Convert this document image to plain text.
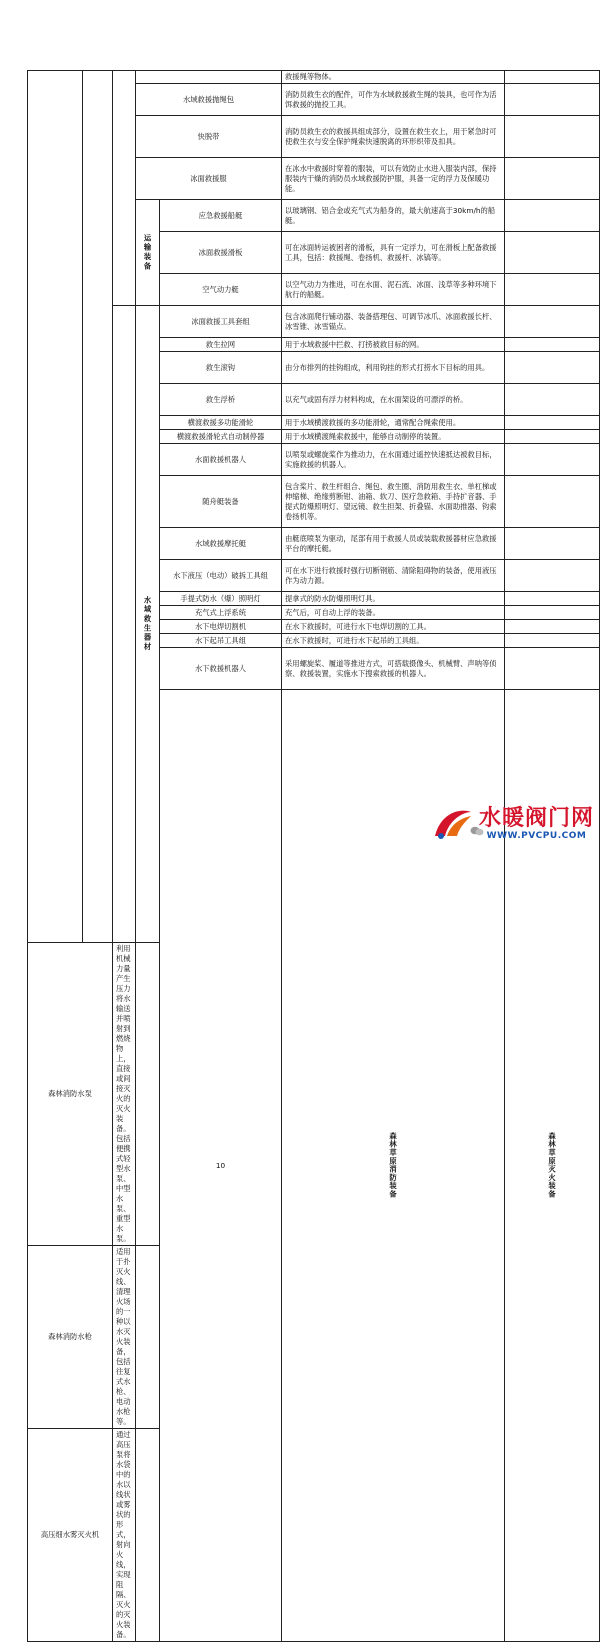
					救援绳等物体。		
			水域救援抛绳包		消防员救生衣的配件，可作为水域救援救生绳的装具，也可作为活饵救援的抛投工具。		
			快脱带		消防员救生衣的救援具组成部分，设置在救生衣上，用于紧急时可使救生衣与安全保护绳索快速脱离的环形织带及扣具。		
			冰面救援服		在冰水中救援时穿着的服装，可以有效防止水进入服装内部，保持服装内干燥的消防员水域救援防护服，具备一定的浮力及保暖功能。		
			运输装备	应急救援船艇	以玻璃钢、铝合金或充气式为船身的，最大航速高于30km/h的船艇。		
				冰面救援滑板	可在冰面转运被困者的滑板，具有一定浮力，可在滑板上配备救援工具，包括：救援绳、卷扬机、救援杆、冰镐等。		
				空气动力艇	以空气动力为推进，可在水面、泥石流、冰面、浅草等多种环境下航行的船艇。		
			水域救生器材	冰面救援工具套组	包含冰面爬行铺动器、装备搭理包、可调节冰爪、冰面救援长杆、冰雪锥、冰雪锚点。		
				救生拉网	用于水域救援中拦救、打捞被救目标的网。		
				救生滚钩	由分布排列的挂钩组成，利用钩挂的形式打捞水下目标的用具。		
				救生浮桥	以充气或固有浮力材料构成，在水面架设的可漂浮的桥。		
				横渡救援多功能滑轮	用于水域横渡救援的多功能滑轮，通常配合绳索使用。		
				横渡救援滑轮式自动制停器	用于水域横渡绳索救援中，能够自动制停的装置。		
				水面救援机器人	以喷泵或螺旋桨作为推动力，在水面通过遥控快速抵达被救目标，实施救援的机器人。		
				随舟艇装备	包含桨片、救生杆组合、绳包、救生圈、消防用救生衣、单杠梯或伸缩梯、绝缘剪断钳、油箱、软刀、医疗急救箱、手持扩音器、手提式防爆照明灯、望远镜、救生担架、折叠锚、水面助推器、钩索卷扬机等。		
				水域救援摩托艇	由艇底喷泵为驱动，尾部有用于救援人员或装载救援器材应急救援平台的摩托艇。		
				水下液压（电动）破拆工具组	可在水下进行救援时强行切断钢筋、清除阻碍物的装备，使用液压作为动力源。		
				手提式防水（爆）照明灯	提拿式的防水防爆照明灯具。		
				充气式上浮系统	充气后，可自动上浮的装备。		
				水下电焊切割机	在水下救援时，可进行水下电焊切割的工具。		
				水下起吊工具组	在水下救援时，可进行水下起吊的工具组。		
				水下救援机器人	采用螺旋桨、履道等推进方式，可搭载摄像头、机械臂、声呐等侦察、救援装置，实施水下搜索救援的机器人。		
				10	森林草原消防装备	森林草原灭火装备			
森林消防水泵		利用机械力量产生压力将水输送并喷射到燃烧物上，直接或间接灭火的灭火装备。包括便携式轻型水泵、中型水泵、重型水泵。					
森林消防水枪		适用于扑灭火线、清理火场的一种以水灭火装备，包括往复式水枪、电动水枪等。					
高压细水雾灭火机		通过高压泵将水袋中的水以线状或雾状的形式，射向火线，实现阻隔、灭火的灭火装备。					
水暖阀门网
WWW.PVCPU.COM
